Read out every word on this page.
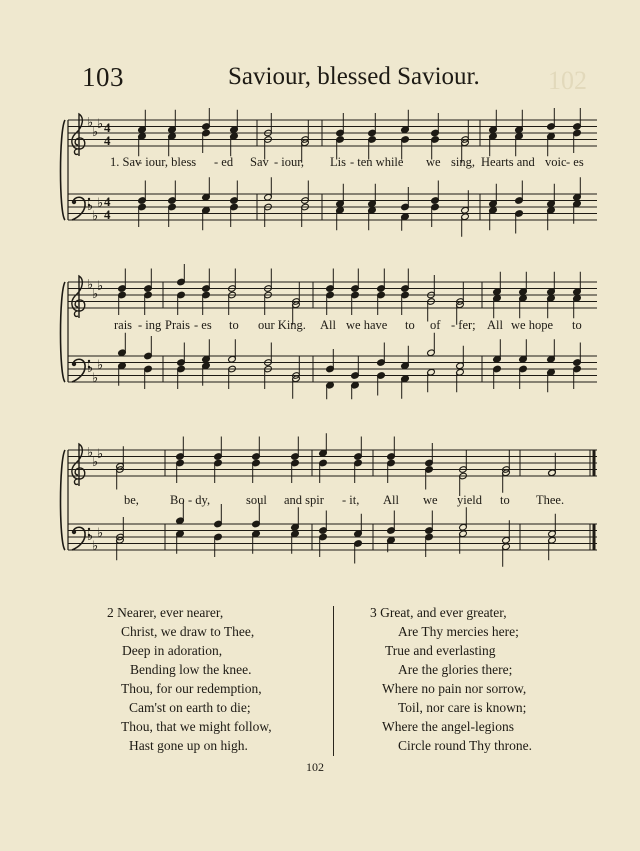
103	Saviour, blessed Saviour.	102
♭
♭
♭
♭
♭
♭
4
4
4
4
1. Sav
- iour, bless - ed Sav - iour, Lis - ten while we sing, Hearts and voic - es
♭
♭
♭
♭
♭
♭
rais - ing Prais - es to our King. All we have to of - fer; All we hope to
♭
♭
♭
♭
♭
♭
be, Bo - dy,	soul and spir - it, All we yield to Thee.
2 Nearer, ever nearer,
Christ, we draw to Thee,
Deep in adoration,
Bending low the knee.
Thou, for our redemption,
Cam'st on earth to die;
Thou, that we might follow,
Hast gone up on high.
3 Great, and ever greater,
Are Thy mercies here;
True and everlasting
Are the glories there;
Where no pain nor sorrow,
Toil, nor care is known;
Where the angel-legions
Circle round Thy throne.
102
